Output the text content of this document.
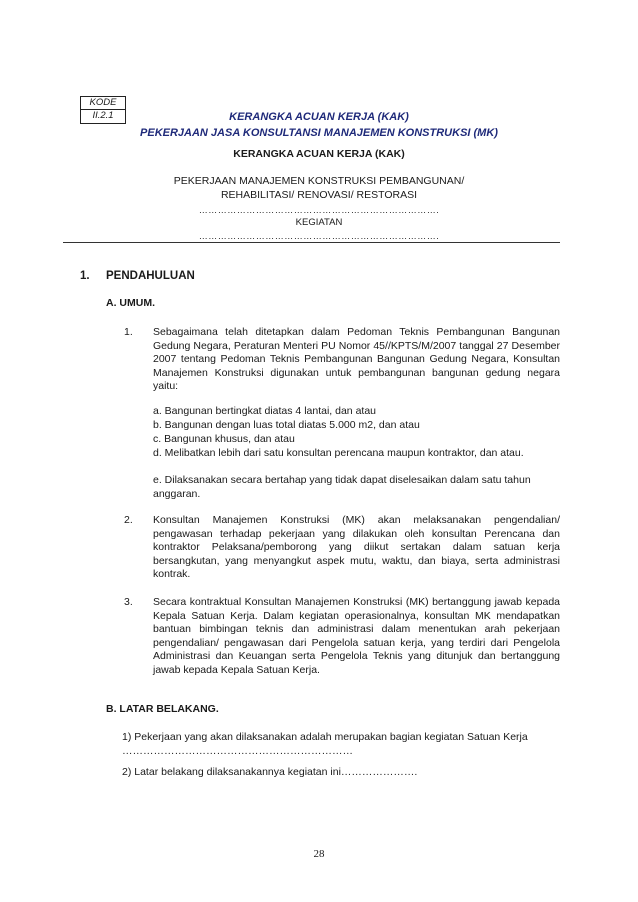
KODE
II.2.1	KERANGKA ACUAN KERJA (KAK)
PEKERJAAN JASA KONSULTANSI MANAJEMEN KONSTRUKSI (MK)
KERANGKA ACUAN KERJA (KAK)
PEKERJAAN MANAJEMEN KONSTRUKSI PEMBANGUNAN/
REHABILITASI/ RENOVASI/ RESTORASI
………………………………………………………………….
KEGIATAN
………………………………………………………………….
1. PENDAHULUAN
A. UMUM.
1. Sebagaimana telah ditetapkan dalam Pedoman Teknis Pembangunan Bangunan Gedung Negara, Peraturan Menteri PU Nomor 45//KPTS/M/2007 tanggal 27 Desember 2007 tentang Pedoman Teknis Pembangunan Bangunan Gedung Negara, Konsultan Manajemen Konstruksi digunakan untuk pembangunan bangunan gedung negara yaitu:
a. Bangunan bertingkat diatas 4 lantai, dan atau
b. Bangunan dengan luas total diatas 5.000 m2, dan atau
c. Bangunan khusus, dan atau
d. Melibatkan lebih dari satu konsultan perencana maupun kontraktor, dan atau.
e. Dilaksanakan secara bertahap yang tidak dapat diselesaikan dalam satu tahun anggaran.
2. Konsultan Manajemen Konstruksi (MK) akan melaksanakan pengendalian/ pengawasan terhadap pekerjaan yang dilakukan oleh konsultan Perencana dan kontraktor Pelaksana/pemborong yang diikut sertakan dalam satuan kerja bersangkutan, yang menyangkut aspek mutu, waktu, dan biaya, serta administrasi kontrak.
3. Secara kontraktual Konsultan Manajemen Konstruksi (MK) bertanggung jawab kepada Kepala Satuan Kerja. Dalam kegiatan operasionalnya, konsultan MK mendapatkan bantuan bimbingan teknis dan administrasi dalam menentukan arah pekerjaan pengendalian/ pengawasan dari Pengelola satuan kerja, yang terdiri dari Pengelola Administrasi dan Keuangan serta Pengelola Teknis yang ditunjuk dan bertanggung jawab kepada Kepala Satuan Kerja.
B. LATAR BELAKANG.
1) Pekerjaan yang akan dilaksanakan adalah merupakan bagian kegiatan Satuan Kerja …………………………………………………………
2) Latar belakang dilaksanakannya kegiatan ini………………….
28
